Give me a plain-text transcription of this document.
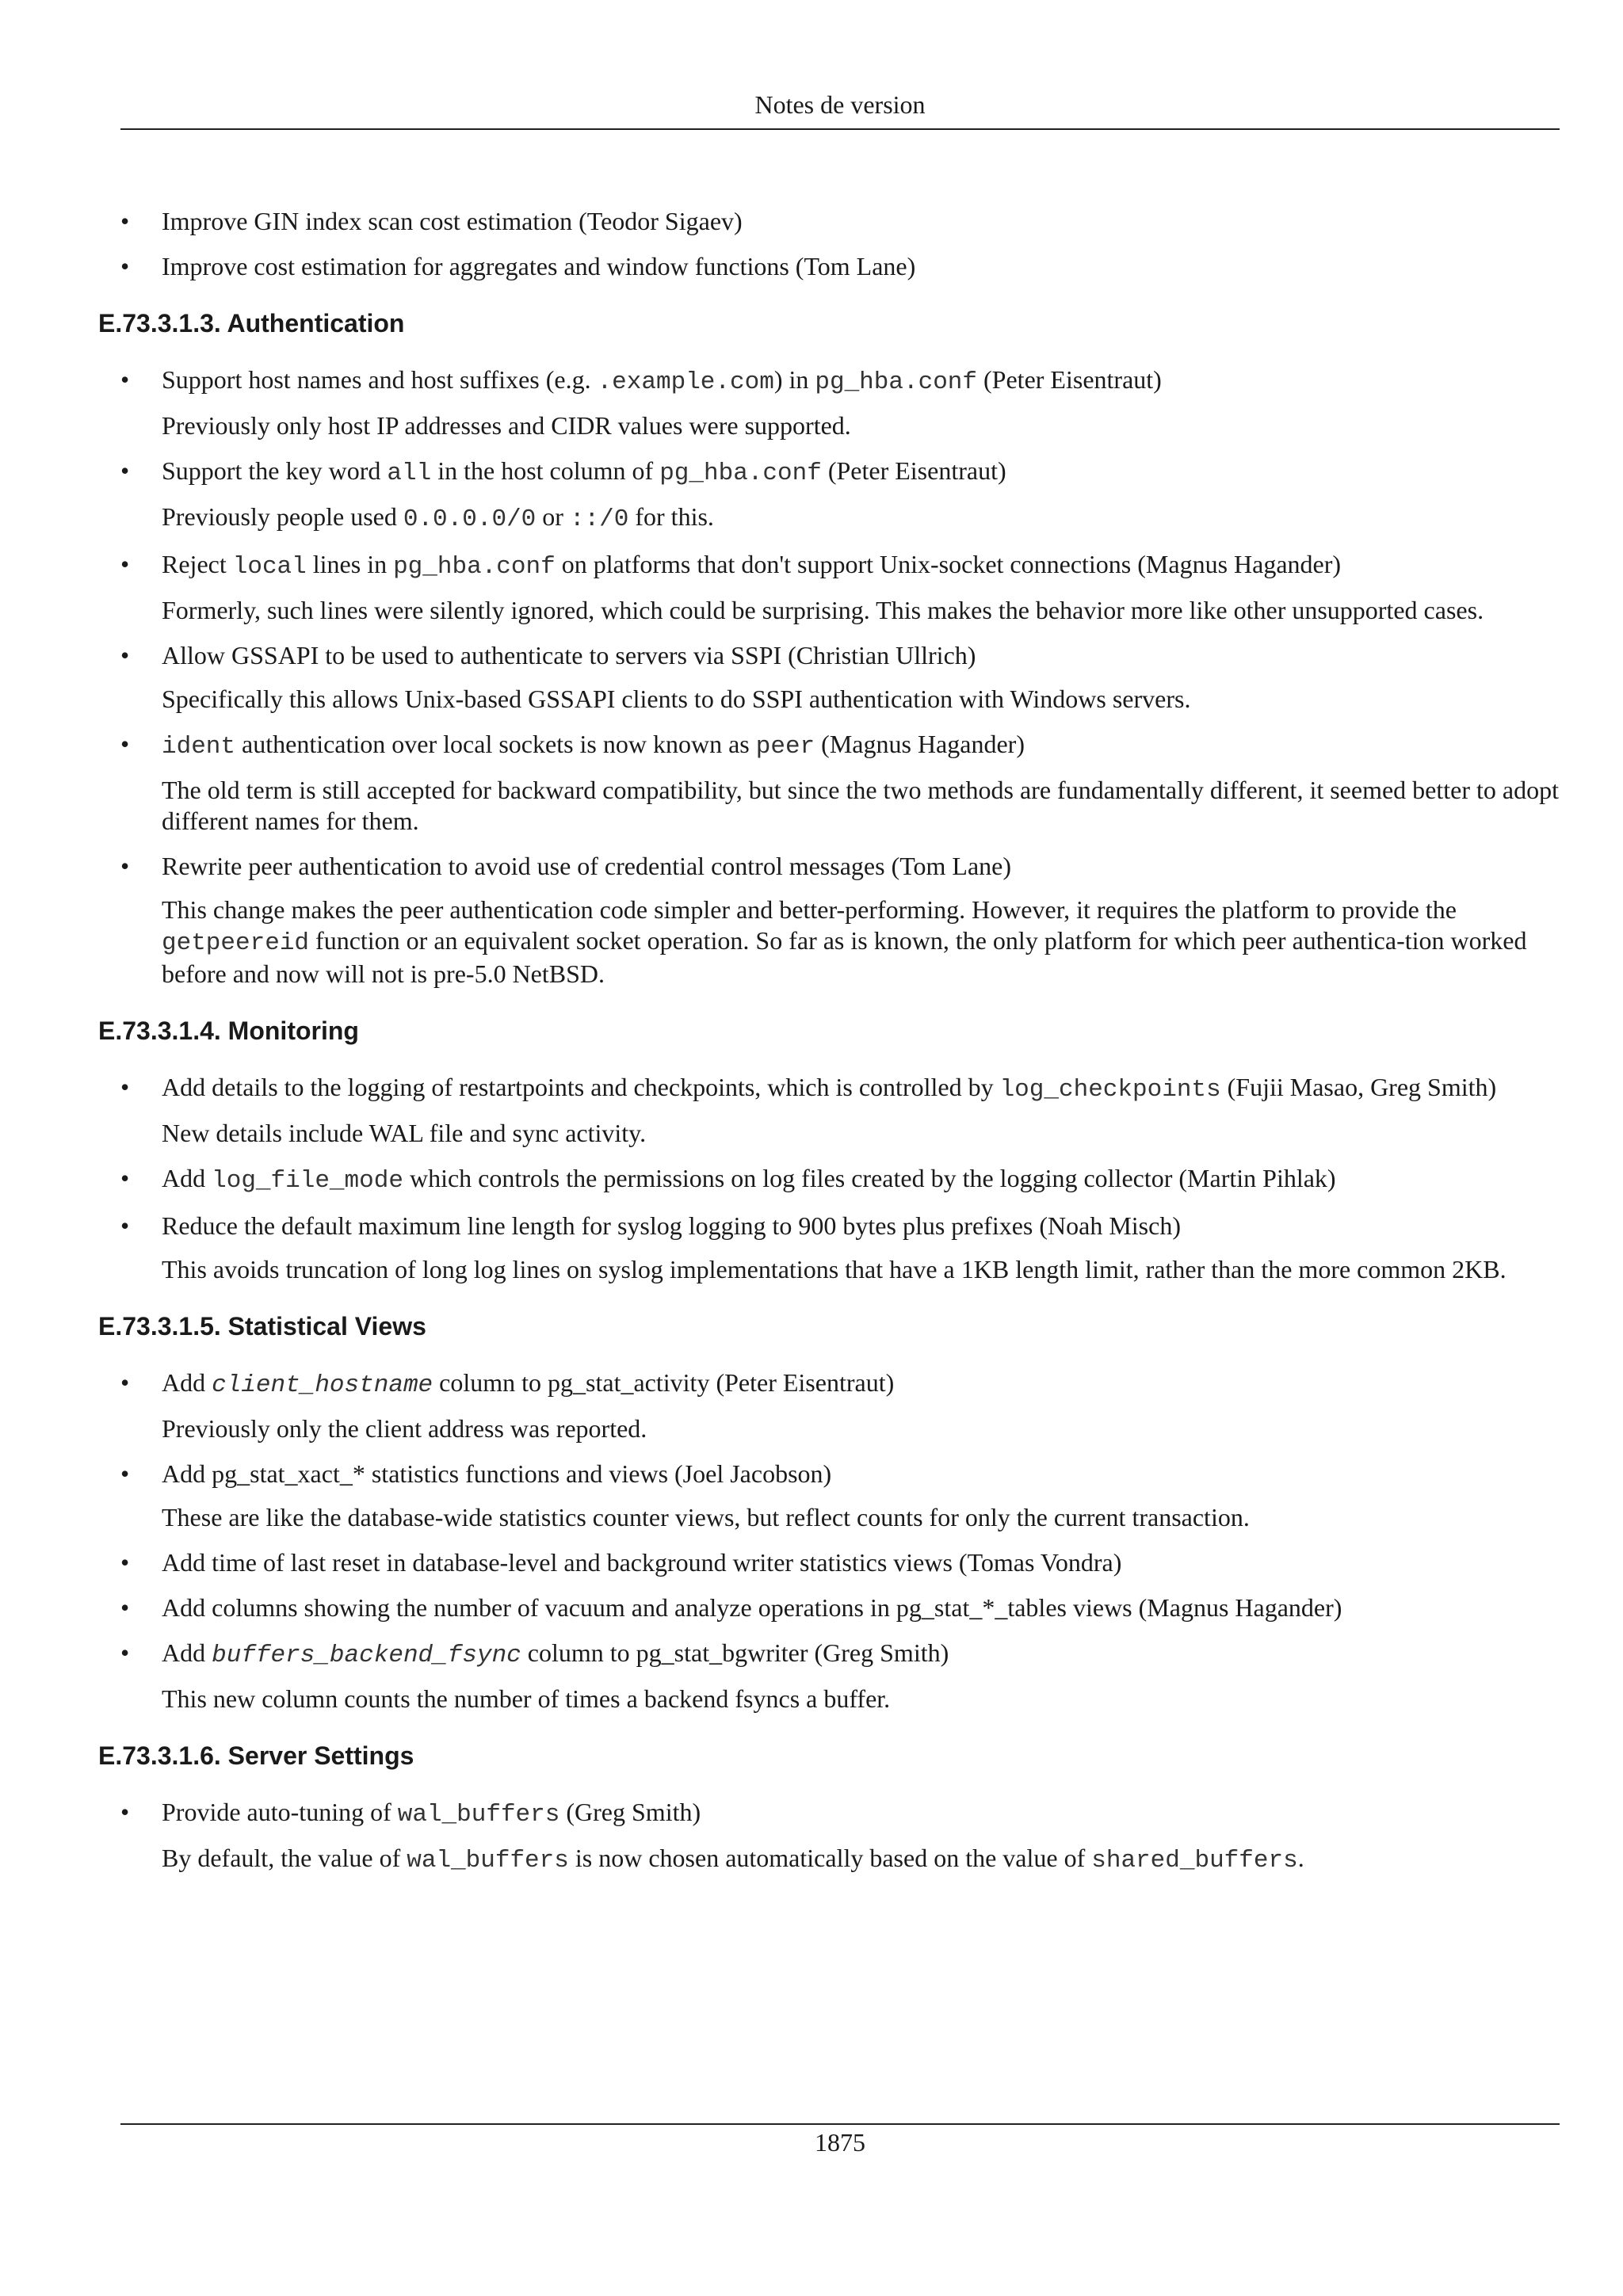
Notes de version
• Improve GIN index scan cost estimation (Teodor Sigaev)
• Improve cost estimation for aggregates and window functions (Tom Lane)
E.73.3.1.3. Authentication
• Support host names and host suffixes (e.g. .example.com) in pg_hba.conf (Peter Eisentraut)
Previously only host IP addresses and CIDR values were supported.
• Support the key word all in the host column of pg_hba.conf (Peter Eisentraut)
Previously people used 0.0.0.0/0 or ::/0 for this.
• Reject local lines in pg_hba.conf on platforms that don't support Unix-socket connections (Magnus Hagander)
Formerly, such lines were silently ignored, which could be surprising. This makes the behavior more like other unsupported cases.
• Allow GSSAPI to be used to authenticate to servers via SSPI (Christian Ullrich)
Specifically this allows Unix-based GSSAPI clients to do SSPI authentication with Windows servers.
• ident authentication over local sockets is now known as peer (Magnus Hagander)
The old term is still accepted for backward compatibility, but since the two methods are fundamentally different, it seemed better to adopt different names for them.
• Rewrite peer authentication to avoid use of credential control messages (Tom Lane)
This change makes the peer authentication code simpler and better-performing. However, it requires the platform to provide the getpeereid function or an equivalent socket operation. So far as is known, the only platform for which peer authentica-tion worked before and now will not is pre-5.0 NetBSD.
E.73.3.1.4. Monitoring
• Add details to the logging of restartpoints and checkpoints, which is controlled by log_checkpoints (Fujii Masao, Greg Smith)
New details include WAL file and sync activity.
• Add log_file_mode which controls the permissions on log files created by the logging collector (Martin Pihlak)
• Reduce the default maximum line length for syslog logging to 900 bytes plus prefixes (Noah Misch)
This avoids truncation of long log lines on syslog implementations that have a 1KB length limit, rather than the more common 2KB.
E.73.3.1.5. Statistical Views
• Add client_hostname column to pg_stat_activity (Peter Eisentraut)
Previously only the client address was reported.
• Add pg_stat_xact_* statistics functions and views (Joel Jacobson)
These are like the database-wide statistics counter views, but reflect counts for only the current transaction.
• Add time of last reset in database-level and background writer statistics views (Tomas Vondra)
• Add columns showing the number of vacuum and analyze operations in pg_stat_*_tables views (Magnus Hagander)
• Add buffers_backend_fsync column to pg_stat_bgwriter (Greg Smith)
This new column counts the number of times a backend fsyncs a buffer.
E.73.3.1.6. Server Settings
• Provide auto-tuning of wal_buffers (Greg Smith)
By default, the value of wal_buffers is now chosen automatically based on the value of shared_buffers.
1875
